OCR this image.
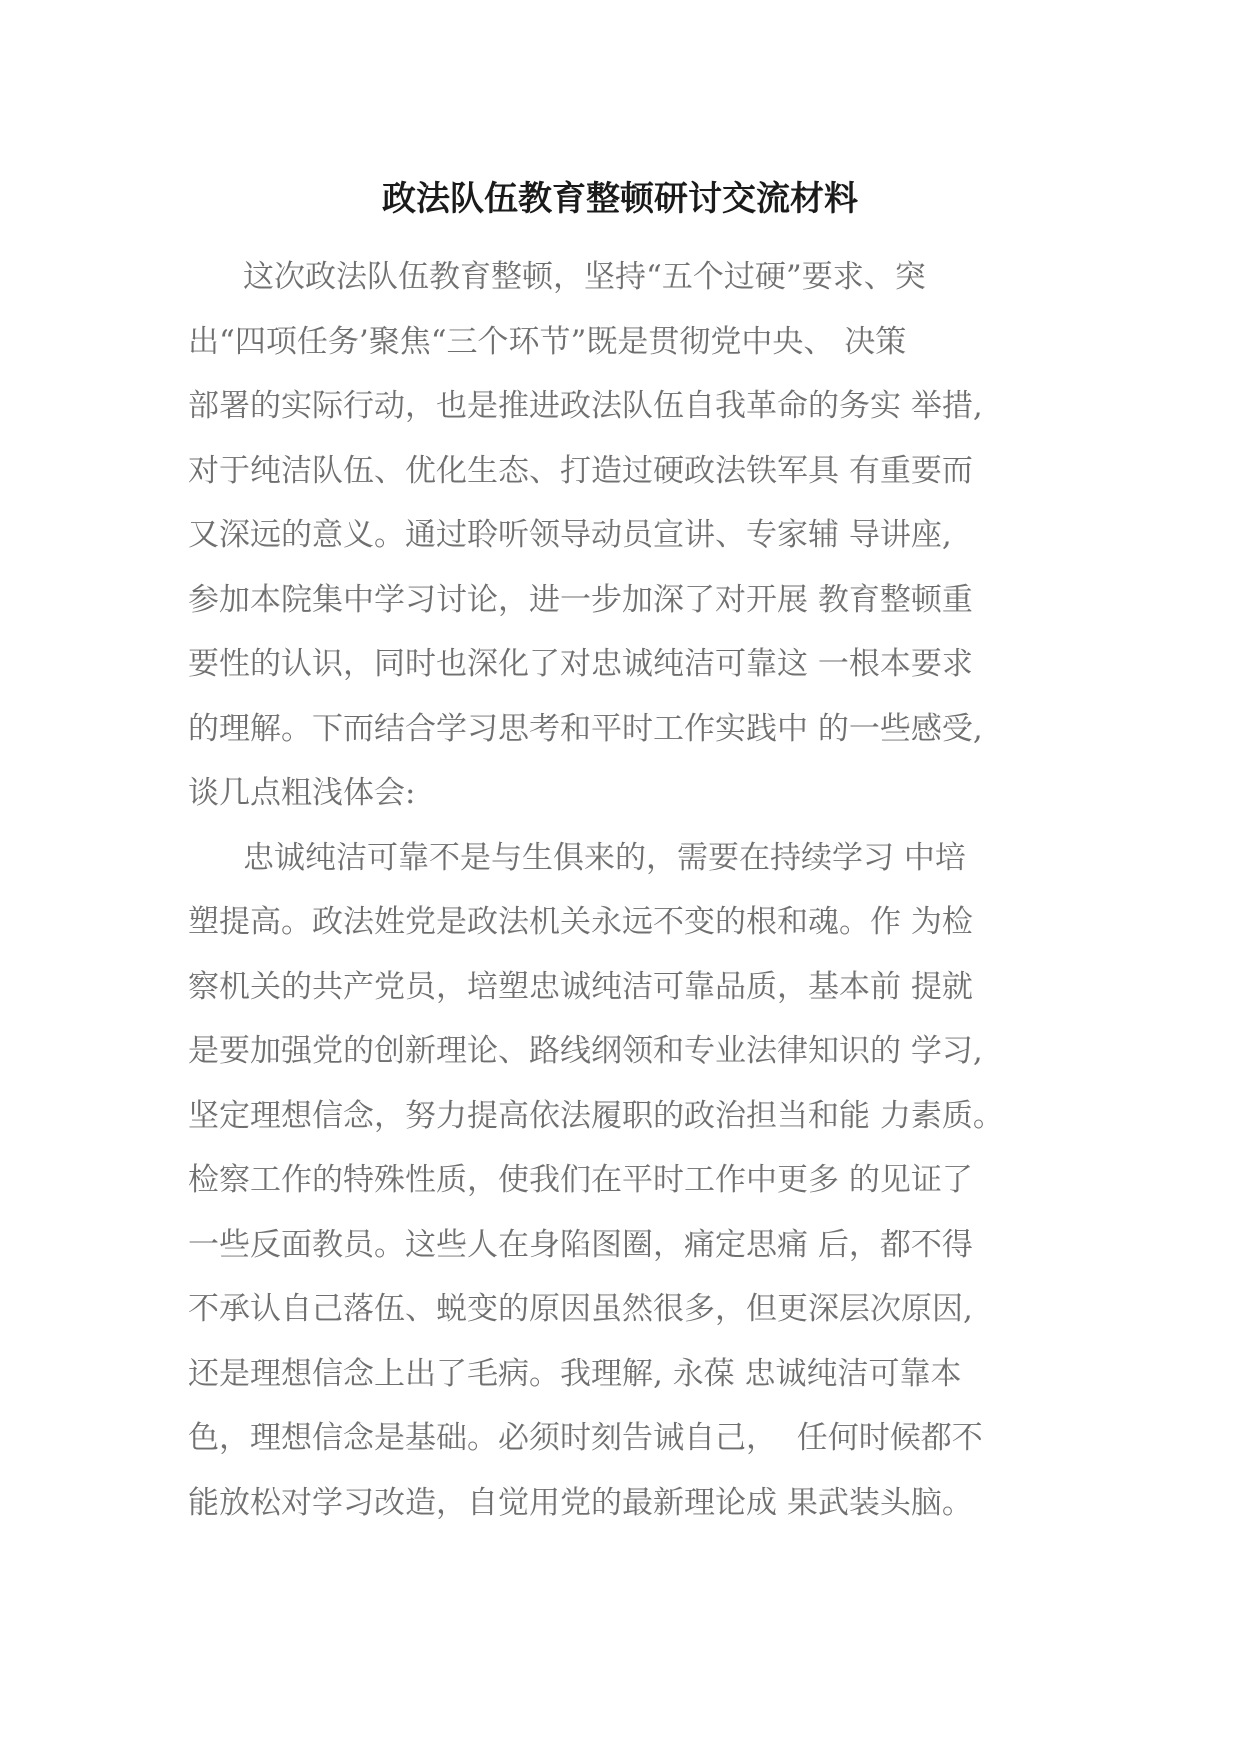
政法队伍教育整顿研讨交流材料
这次政法队伍教育整顿，坚持“五个过硬”要求、突
出“四项任务’聚焦“三个环节”既是贯彻党中央、 决策
部署的实际行动，也是推进政法队伍自我革命的务实 举措,
对于纯洁队伍、优化生态、打造过硬政法铁军具 有重要而
又深远的意义。通过聆听领导动员宣讲、专家辅 导讲座,
参加本院集中学习讨论，进一步加深了对开展 教育整顿重
要性的认识，同时也深化了对忠诚纯洁可靠这 一根本要求
的理解。下而结合学习思考和平时工作实践中 的一些感受,
谈几点粗浅体会:
忠诚纯洁可靠不是与生俱来的，需要在持续学习 中培
塑提高。政法姓党是政法机关永远不变的根和魂。作 为检
察机关的共产党员，培塑忠诚纯洁可靠品质，基本前 提就
是要加强党的创新理论、路线纲领和专业法律知识的 学习,
坚定理想信念，努力提高依法履职的政治担当和能 力素质。
检察工作的特殊性质，使我们在平时工作中更多 的见证了
一些反面教员。这些人在身陷图圈，痛定思痛 后，都不得
不承认自己落伍、蜕变的原因虽然很多，但更深层次原因,
还是理想信念上出了毛病。我理解, 永葆 忠诚纯洁可靠本
色，理想信念是基础。必须时刻告诫自己，  任何时候都不
能放松对学习改造，自觉用党的最新理论成 果武装头脑。
